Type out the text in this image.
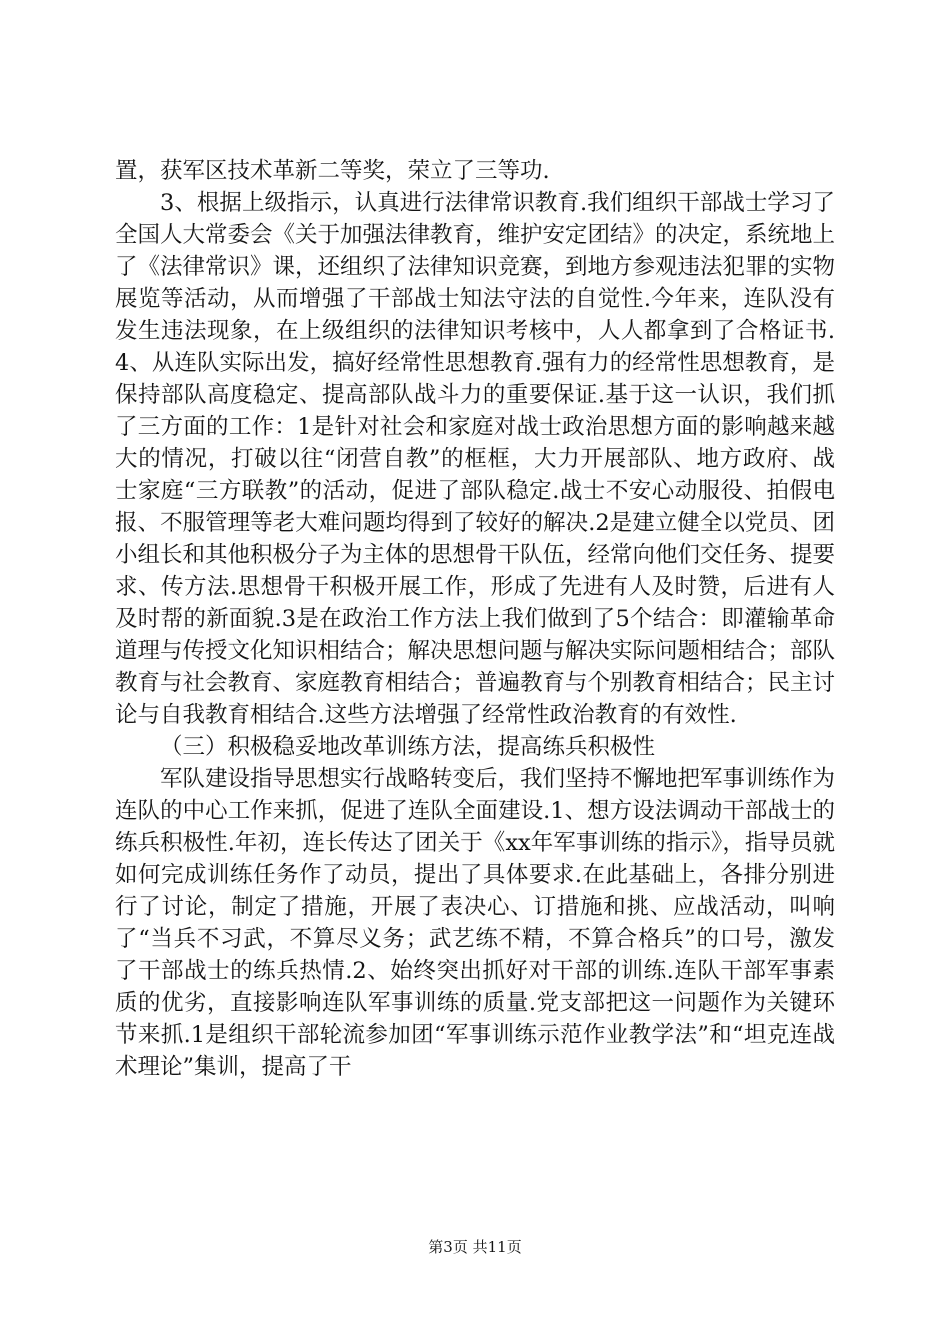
置，获军区技术革新二等奖，荣立了三等功.

3、根据上级指示，认真进行法律常识教育.我们组织干部战士学习了全国人大常委会《关于加强法律教育，维护安定团结》的决定，系统地上了《法律常识》课，还组织了法律知识竞赛，到地方参观违法犯罪的实物展览等活动，从而增强了干部战士知法守法的自觉性.今年来，连队没有发生违法现象，在上级组织的法律知识考核中，人人都拿到了合格证书.4、从连队实际出发，搞好经常性思想教育.强有力的经常性思想教育，是保持部队高度稳定、提高部队战斗力的重要保证.基于这一认识，我们抓了三方面的工作：1是针对社会和家庭对战士政治思想方面的影响越来越大的情况，打破以往“闭营自教”的框框，大力开展部队、地方政府、战士家庭“三方联教”的活动，促进了部队稳定.战士不安心动服役、拍假电报、不服管理等老大难问题均得到了较好的解决.2是建立健全以党员、团小组长和其他积极分子为主体的思想骨干队伍，经常向他们交任务、提要求、传方法.思想骨干积极开展工作，形成了先进有人及时赞，后进有人及时帮的新面貌.3是在政治工作方法上我们做到了5个结合：即灌输革命道理与传授文化知识相结合；解决思想问题与解决实际问题相结合；部队教育与社会教育、家庭教育相结合；普遍教育与个别教育相结合；民主讨论与自我教育相结合.这些方法增强了经常性政治教育的有效性.

（三）积极稳妥地改革训练方法，提高练兵积极性

军队建设指导思想实行战略转变后，我们坚持不懈地把军事训练作为连队的中心工作来抓，促进了连队全面建设.1、想方设法调动干部战士的练兵积极性.年初，连长传达了团关于《xx年军事训练的指示》，指导员就如何完成训练任务作了动员，提出了具体要求.在此基础上，各排分别进行了讨论，制定了措施，开展了表决心、订措施和挑、应战活动，叫响了“当兵不习武，不算尽义务；武艺练不精，不算合格兵”的口号，激发了干部战士的练兵热情.2、始终突出抓好对干部的训练.连队干部军事素质的优劣，直接影响连队军事训练的质量.党支部把这一问题作为关键环节来抓.1是组织干部轮流参加团“军事训练示范作业教学法”和“坦克连战术理论”集训，提高了干

第3页 共11页
